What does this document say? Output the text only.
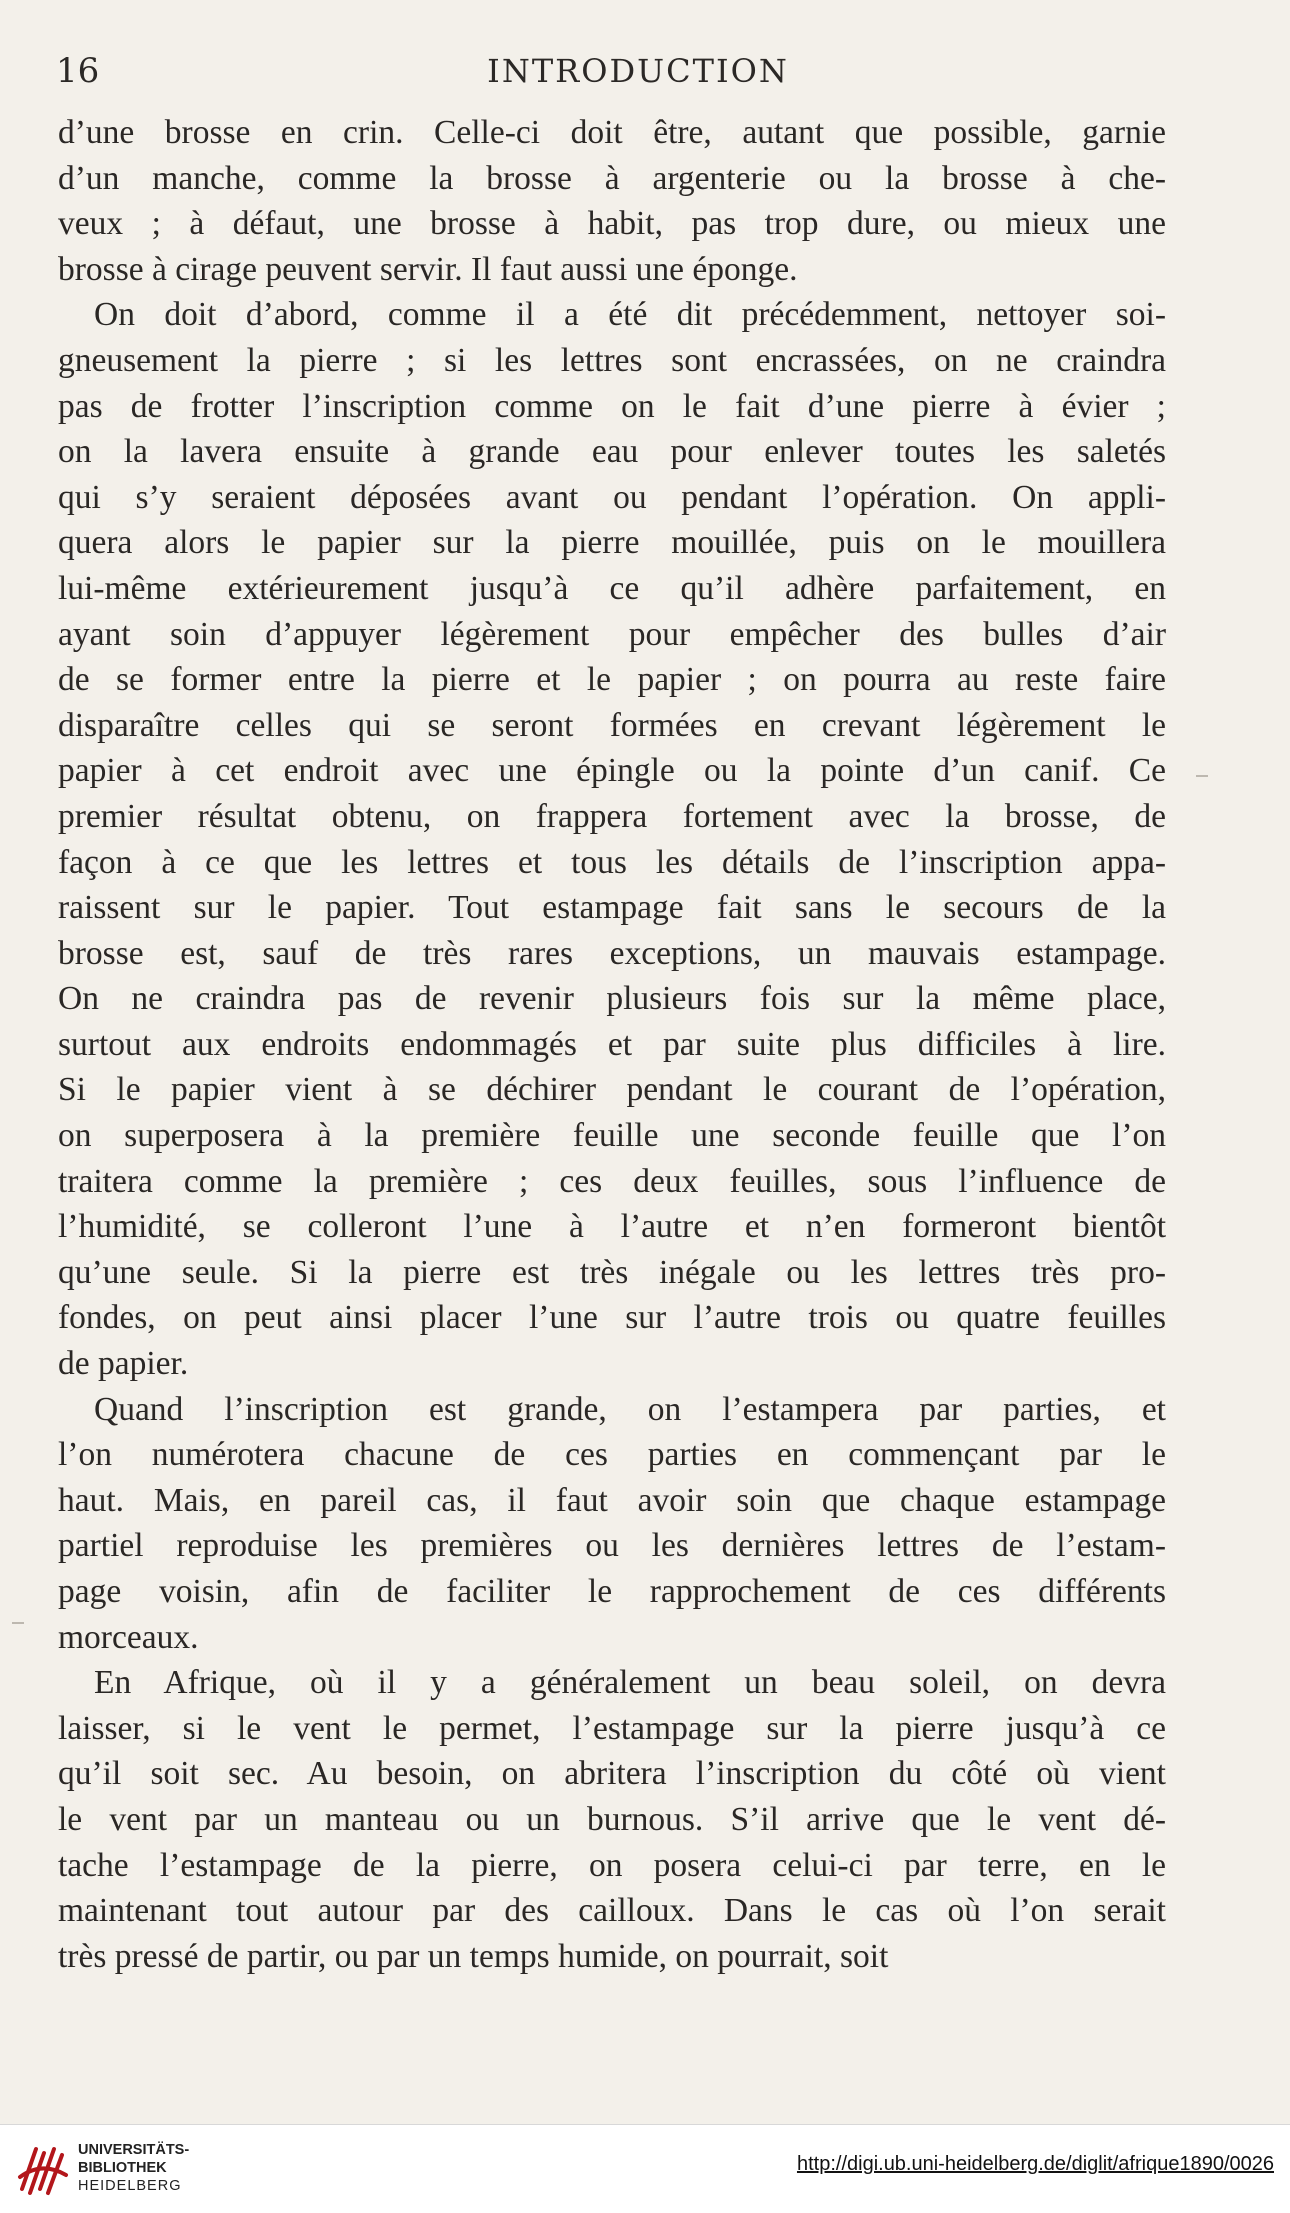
16	INTRODUCTION

d’une brosse en crin. Celle-ci doit être, autant que possible, garnie
d’un manche, comme la brosse à argenterie ou la brosse à che-
veux ; à défaut, une brosse à habit, pas trop dure, ou mieux une
brosse à cirage peuvent servir. Il faut aussi une éponge.

On doit d’abord, comme il a été dit précédemment, nettoyer soi-
gneusement la pierre ; si les lettres sont encrassées, on ne craindra
pas de frotter l’inscription comme on le fait d’une pierre à évier ;
on la lavera ensuite à grande eau pour enlever toutes les saletés
qui s’y seraient déposées avant ou pendant l’opération. On appli-
quera alors le papier sur la pierre mouillée, puis on le mouillera
lui-même extérieurement jusqu’à ce qu’il adhère parfaitement, en
ayant soin d’appuyer légèrement pour empêcher des bulles d’air
de se former entre la pierre et le papier ; on pourra au reste faire
disparaître celles qui se seront formées en crevant légèrement le
papier à cet endroit avec une épingle ou la pointe d’un canif. Ce
premier résultat obtenu, on frappera fortement avec la brosse, de
façon à ce que les lettres et tous les détails de l’inscription appa-
raissent sur le papier. Tout estampage fait sans le secours de la
brosse est, sauf de très rares exceptions, un mauvais estampage.
On ne craindra pas de revenir plusieurs fois sur la même place,
surtout aux endroits endommagés et par suite plus difficiles à lire.
Si le papier vient à se déchirer pendant le courant de l’opération,
on superposera à la première feuille une seconde feuille que l’on
traitera comme la première ; ces deux feuilles, sous l’influence de
l’humidité, se colleront l’une à l’autre et n’en formeront bientôt
qu’une seule. Si la pierre est très inégale ou les lettres très pro-
fondes, on peut ainsi placer l’une sur l’autre trois ou quatre feuilles
de papier.

Quand l’inscription est grande, on l’estampera par parties, et
l’on numérotera chacune de ces parties en commençant par le
haut. Mais, en pareil cas, il faut avoir soin que chaque estampage
partiel reproduise les premières ou les dernières lettres de l’estam-
page voisin, afin de faciliter le rapprochement de ces différents
morceaux.

En Afrique, où il y a généralement un beau soleil, on devra
laisser, si le vent le permet, l’estampage sur la pierre jusqu’à ce
qu’il soit sec. Au besoin, on abritera l’inscription du côté où vient
le vent par un manteau ou un burnous. S’il arrive que le vent dé-
tache l’estampage de la pierre, on posera celui-ci par terre, en le
maintenant tout autour par des cailloux. Dans le cas où l’on serait
très pressé de partir, ou par un temps humide, on pourrait, soit

UNIVERSITÄTS-
BIBLIOTHEK
HEIDELBERG
http://digi.ub.uni-heidelberg.de/diglit/afrique1890/0026
